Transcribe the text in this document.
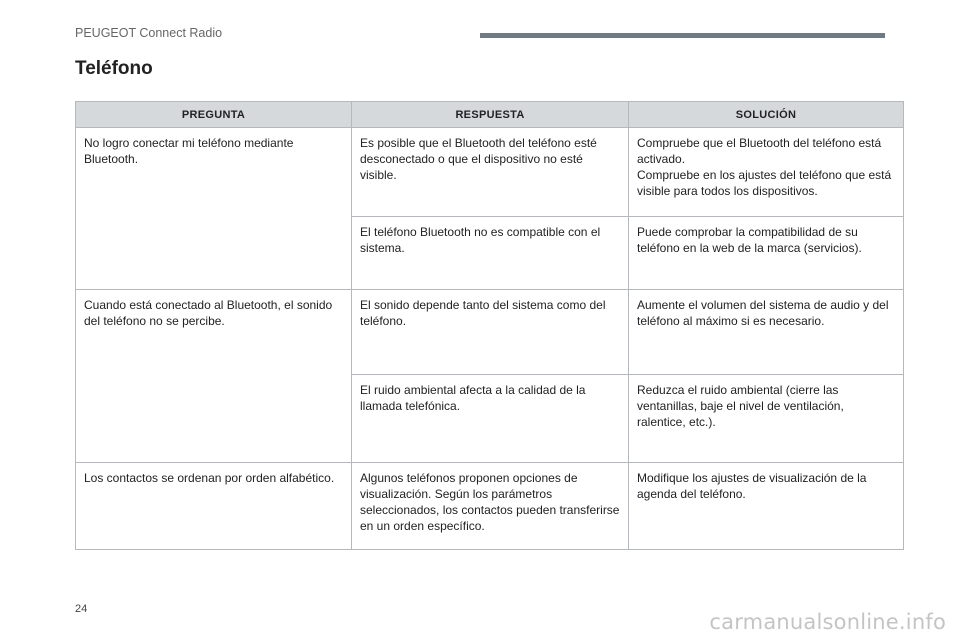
PEUGEOT Connect Radio
Teléfono
PREGUNTA	RESPUESTA	SOLUCIÓN
No logro conectar mi teléfono mediante Bluetooth.	Es posible que el Bluetooth del teléfono esté desconectado o que el dispositivo no esté visible.	Compruebe que el Bluetooth del teléfono está activado.
Compruebe en los ajustes del teléfono que está visible para todos los dispositivos.

	El teléfono Bluetooth no es compatible con el sistema.	Puede comprobar la compatibilidad de su teléfono en la web de la marca (servicios).

Cuando está conectado al Bluetooth, el sonido del teléfono no se percibe.	El sonido depende tanto del sistema como del teléfono.	Aumente el volumen del sistema de audio y del teléfono al máximo si es necesario.

	El ruido ambiental afecta a la calidad de la llamada telefónica.	Reduzca el ruido ambiental (cierre las ventanillas, baje el nivel de ventilación, ralentice, etc.).

Los contactos se ordenan por orden alfabético.	Algunos teléfonos proponen opciones de visualización. Según los parámetros seleccionados, los contactos pueden transferirse en un orden específico.	Modifique los ajustes de visualización de la agenda del teléfono.
24
carmanualsonline.info
